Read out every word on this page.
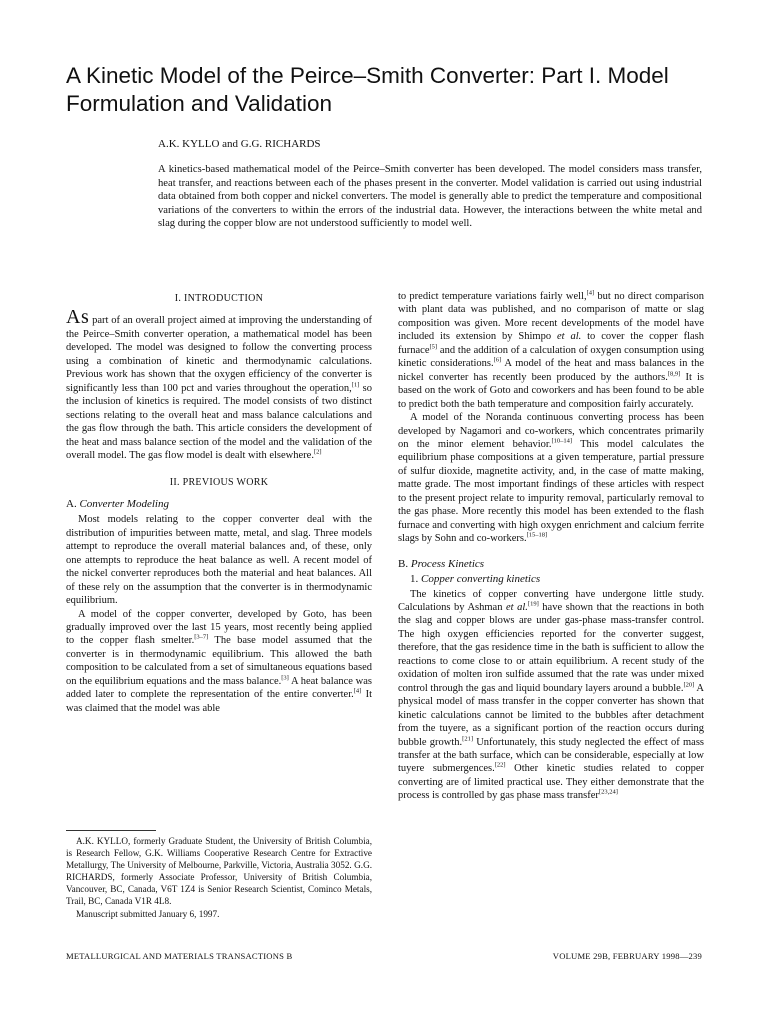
A Kinetic Model of the Peirce–Smith Converter: Part I. Model Formulation and Validation
A.K. KYLLO and G.G. RICHARDS

A kinetics-based mathematical model of the Peirce–Smith converter has been developed. The model considers mass transfer, heat transfer, and reactions between each of the phases present in the converter. Model validation is carried out using industrial data obtained from both copper and nickel converters. The model is generally able to predict the temperature and compositional variations of the converters to within the errors of the industrial data. However, the interactions between the white metal and slag during the copper blow are not understood sufficiently to model well.

I. INTRODUCTION

As part of an overall project aimed at improving the understanding of the Peirce–Smith converter operation, a mathematical model has been developed. The model was designed to follow the converting process using a combination of kinetic and thermodynamic calculations. Previous work has shown that the oxygen efficiency of the converter is significantly less than 100 pct and varies throughout the operation,[1] so the inclusion of kinetics is required. The model consists of two distinct sections relating to the overall heat and mass balance calculations and the gas flow through the bath. This article considers the development of the heat and mass balance section of the model and the validation of the overall model. The gas flow model is dealt with elsewhere.[2]

II. PREVIOUS WORK
A. Converter Modeling

Most models relating to the copper converter deal with the distribution of impurities between matte, metal, and slag. Three models attempt to reproduce the overall material balances and, of these, only one attempts to reproduce the heat balance as well. A recent model of the nickel converter reproduces both the material and heat balances. All of these rely on the assumption that the converter is in thermodynamic equilibrium.

A model of the copper converter, developed by Goto, has been gradually improved over the last 15 years, most recently being applied to the copper flash smelter.[3–7] The base model assumed that the converter is in thermodynamic equilibrium. This allowed the bath composition to be calculated from a set of simultaneous equations based on the equilibrium equations and the mass balance.[3] A heat balance was added later to complete the representation of the entire converter.[4] It was claimed that the model was able

A.K. KYLLO, formerly Graduate Student, the University of British Columbia, is Research Fellow, G.K. Williams Cooperative Research Centre for Extractive Metallurgy, The University of Melbourne, Parkville, Victoria, Australia 3052. G.G. RICHARDS, formerly Associate Professor, University of British Columbia, Vancouver, BC, Canada, V6T 1Z4 is Senior Research Scientist, Cominco Metals, Trail, BC, Canada V1R 4L8.

Manuscript submitted January 6, 1997.

to predict temperature variations fairly well,[4] but no direct comparison with plant data was published, and no comparison of matte or slag composition was given. More recent developments of the model have included its extension by Shimpo et al. to cover the copper flash furnace[5] and the addition of a calculation of oxygen consumption using kinetic considerations.[6] A model of the heat and mass balances in the nickel converter has recently been produced by the authors.[8,9] It is based on the work of Goto and coworkers and has been found to be able to predict both the bath temperature and composition fairly accurately.

A model of the Noranda continuous converting process has been developed by Nagamori and co-workers, which concentrates primarily on the minor element behavior.[10–14] This model calculates the equilibrium phase compositions at a given temperature, partial pressure of sulfur dioxide, magnetite activity, and, in the case of matte making, matte grade. The most important findings of these articles with respect to the present project relate to impurity removal, particularly removal to the gas phase. More recently this model has been extended to the flash furnace and converting with high oxygen enrichment and calcium ferrite slags by Sohn and co-workers.[15–18]

B. Process Kinetics
1. Copper converting kinetics

The kinetics of copper converting have undergone little study. Calculations by Ashman et al.[19] have shown that the reactions in both the slag and copper blows are under gas-phase mass-transfer control. The high oxygen efficiencies reported for the converter suggest, therefore, that the gas residence time in the bath is sufficient to allow the reactions to come close to or attain equilibrium. A recent study of the oxidation of molten iron sulfide assumed that the rate was under mixed control through the gas and liquid boundary layers around a bubble.[20] A physical model of mass transfer in the copper converter has shown that kinetic calculations cannot be limited to the bubbles after detachment from the tuyere, as a significant portion of the reaction occurs during bubble growth.[21] Unfortunately, this study neglected the effect of mass transfer at the bath surface, which can be considerable, especially at low tuyere submergences.[22] Other kinetic studies related to copper converting are of limited practical use. They either demonstrate that the process is controlled by gas phase mass transfer[23,24]

METALLURGICAL AND MATERIALS TRANSACTIONS B	VOLUME 29B, FEBRUARY 1998—239
